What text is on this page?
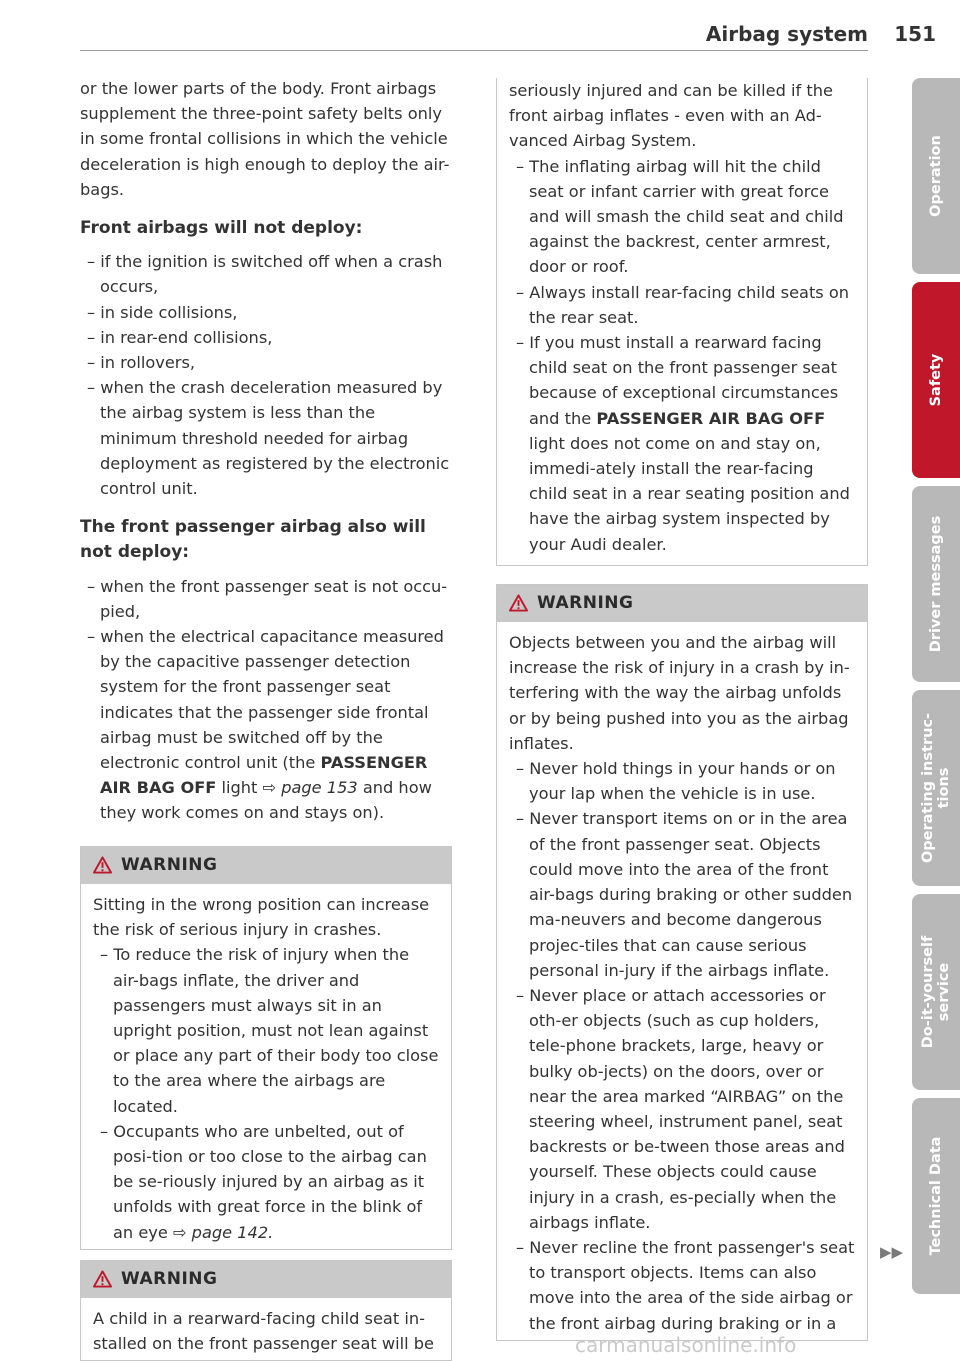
Airbag system 151

or the lower parts of the body. Front airbags supplement the three-point safety belts only in some frontal collisions in which the vehicle deceleration is high enough to deploy the air-bags.

Front airbags will not deploy:
– if the ignition is switched off when a crash occurs,
– in side collisions,
– in rear-end collisions,
– in rollovers,
– when the crash deceleration measured by the airbag system is less than the minimum threshold needed for airbag deployment as registered by the electronic control unit.
The front passenger airbag also will not deploy:
– when the front passenger seat is not occu-pied,
– when the electrical capacitance measured by the capacitive passenger detection system for the front passenger seat indicates that the passenger side frontal airbag must be switched off by the electronic control unit (the PASSENGER AIR BAG OFF light ⇨ page 153 and how they work comes on and stays on).
WARNING

Sitting in the wrong position can increase the risk of serious injury in crashes.

– To reduce the risk of injury when the air-bags inflate, the driver and passengers must always sit in an upright position, must not lean against or place any part of their body too close to the area where the airbags are located.
– Occupants who are unbelted, out of posi-tion or too close to the airbag can be se-riously injured by an airbag as it unfolds with great force in the blink of an eye ⇨ page 142.
WARNING

A child in a rearward-facing child seat in-stalled on the front passenger seat will be

seriously injured and can be killed if the front airbag inflates - even with an Ad-vanced Airbag System.

– The inflating airbag will hit the child seat or infant carrier with great force and will smash the child seat and child against the backrest, center armrest, door or roof.
– Always install rear-facing child seats on the rear seat.
– If you must install a rearward facing child seat on the front passenger seat because of exceptional circumstances and the PASSENGER AIR BAG OFF light does not come on and stay on, immedi-ately install the rear-facing child seat in a rear seating position and have the airbag system inspected by your Audi dealer.
WARNING

Objects between you and the airbag will increase the risk of injury in a crash by in-terfering with the way the airbag unfolds or by being pushed into you as the airbag inflates.

– Never hold things in your hands or on your lap when the vehicle is in use.
– Never transport items on or in the area of the front passenger seat. Objects could move into the area of the front air-bags during braking or other sudden ma-neuvers and become dangerous projec-tiles that can cause serious personal in-jury if the airbags inflate.
– Never place or attach accessories or oth-er objects (such as cup holders, tele-phone brackets, large, heavy or bulky ob-jects) on the doors, over or near the area marked “AIRBAG” on the steering wheel, instrument panel, seat backrests or be-tween those areas and yourself. These objects could cause injury in a crash, es-pecially when the airbags inflate.
– Never recline the front passenger's seat to transport objects. Items can also move into the area of the side airbag or the front airbag during braking or in a
▶▶
Operation
Safety
Driver messages
Operating instruc-
tions
Do-it-yourself
service
Technical Data
carmanualsonline.info
